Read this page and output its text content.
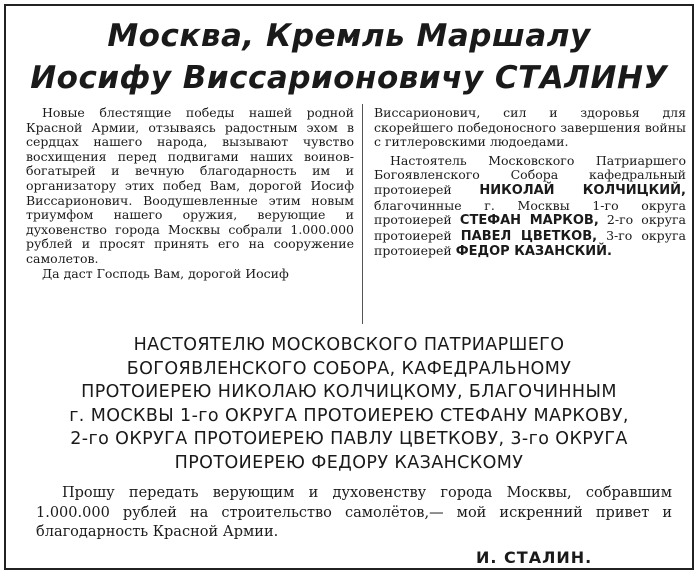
Москва, Кремль Маршалу
Иосифу Виссарионовичу СТАЛИНУ

Новые блестящие победы нашей родной Красной Армии, отзываясь радостным эхом в сердцах нашего народа, вызывают чувство восхищения перед подвигами наших воинов-богатырей и вечную благодарность им и организатору этих побед Вам, дорогой Иосиф Виссарионович. Воодушевленные этим новым триумфом нашего оружия, верующие и духовенство города Москвы собрали 1.000.000 рублей и просят принять его на сооружение самолетов.

Да даст Господь Вам, дорогой Иосиф

Виссарионович, сил и здоровья для скорейшего победоносного завершения войны с гитлеровскими людоедами.

Настоятель Московского Патриаршего Богоявленского Собора кафедральный протоиерей НИКОЛАЙ КОЛЧИЦКИЙ, благочинные г. Москвы 1-го округа протоиерей СТЕФАН МАРКОВ, 2-го округа протоиерей ПАВЕЛ ЦВЕТКОВ, 3-го округа протоиерей ФЕДОР КАЗАНСКИЙ.

НАСТОЯТЕЛЮ МОСКОВСКОГО ПАТРИАРШЕГО
БОГОЯВЛЕНСКОГО СОБОРА, КАФЕДРАЛЬНОМУ
ПРОТОИЕРЕЮ НИКОЛАЮ КОЛЧИЦКОМУ, БЛАГОЧИННЫМ
г. МОСКВЫ 1-го ОКРУГА ПРОТОИЕРЕЮ СТЕФАНУ МАРКОВУ,
2-го ОКРУГА ПРОТОИЕРЕЮ ПАВЛУ ЦВЕТКОВУ, 3-го ОКРУГА
ПРОТОИЕРЕЮ ФЕДОРУ КАЗАНСКОМУ

Прошу передать верующим и духовенству города Москвы, собравшим 1.000.000 рублей на строительство самолётов,— мой искренний привет и благодарность Красной Армии.

И. СТАЛИН.
